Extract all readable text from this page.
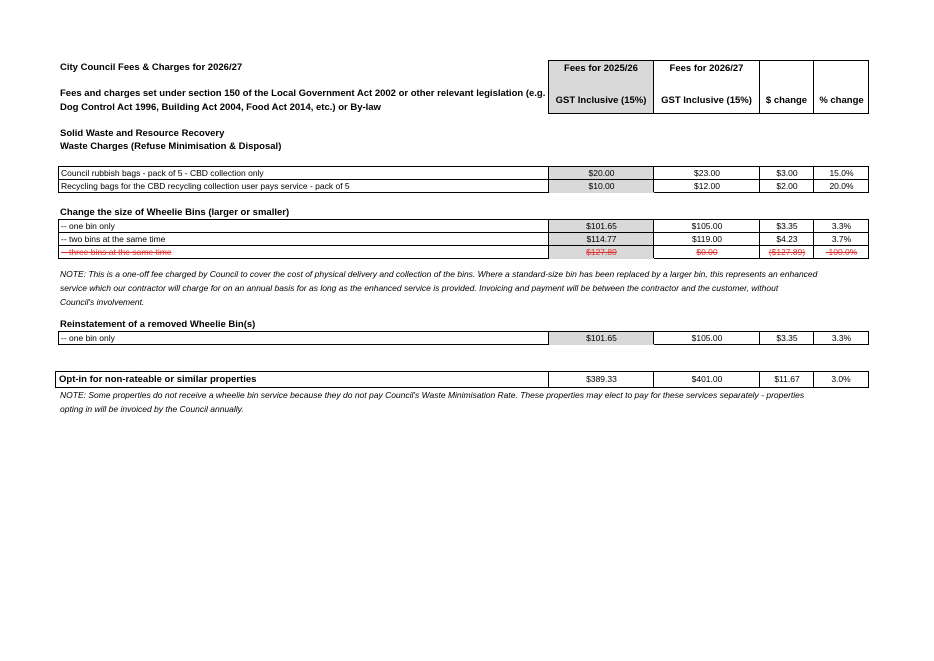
City Council Fees & Charges for 2026/27
Fees and charges set under section 150 of the Local Government Act 2002 or other relevant legislation (e.g.
Dog Control Act 1996, Building Act 2004, Food Act 2014, etc.) or By-law
Fees for 2025/26
GST Inclusive (15%)
Fees for 2026/27
GST Inclusive (15%)	$ change	% change
Solid Waste and Resource Recovery
Waste Charges (Refuse Minimisation & Disposal)
Council rubbish bags - pack of 5 - CBD collection only	$20.00	$23.00	$3.00	15.0%
Recycling bags for the CBD recycling collection user pays service - pack of 5	$10.00	$12.00	$2.00	20.0%
Change the size of Wheelie Bins (larger or smaller)
-- one bin only	$101.65	$105.00	$3.35	3.3%
-- two bins at the same time	$114.77	$119.00	$4.23	3.7%
-- three bins at the same time	$127.89	$0.00	($127.89)	-100.0%
NOTE: This is a one-off fee charged by Council to cover the cost of physical delivery and collection of the bins. Where a standard-size bin has been replaced by a larger bin, this represents an enhanced
service which our contractor will charge for on an annual basis for as long as the enhanced service is provided. Invoicing and payment will be between the contractor and the customer, without
Council's involvement.
Reinstatement of a removed Wheelie Bin(s)
-- one bin only	$101.65	$105.00	$3.35	3.3%
Opt-in for non-rateable or similar properties	$389.33	$401.00	$11.67	3.0%
NOTE: Some properties do not receive a wheelie bin service because they do not pay Council's Waste Minimisation Rate. These properties may elect to pay for these services separately - properties
opting in will be invoiced by the Council annually.
